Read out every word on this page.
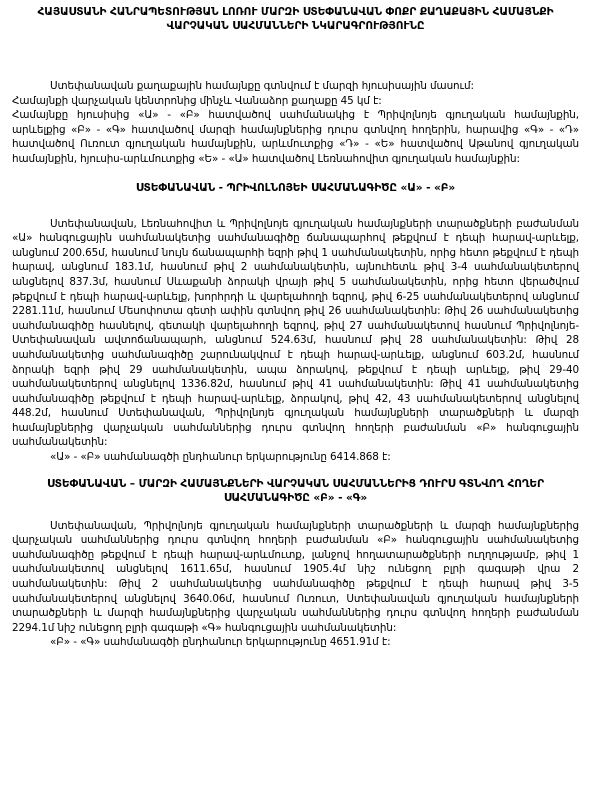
ՀԱՅԱՍՏԱՆԻ ՀԱՆՐԱՊԵՏՈՒԹՅԱՆ ԼՈՌՈՒ ՄԱՐԶԻ ՍՏԵՓԱՆԱՎԱՆ ՓՈՔՐ ՔԱՂԱՔԱՅԻՆ ՀԱՄԱՅՆՔԻ ՎԱՐՉԱԿԱՆ ՍԱՀՄԱՆՆԵՐԻ ՆԿԱՐԱԳՐՈՒԹՅՈՒՆԸ

Ստեփանավան քաղաքային համայնքը գտնվում է մարզի հյուսիսային մասում:

Համայնքի վարչական կենտրոնից մինչև Վանաձոր քաղաքը 45 կմ է:

Համայնքը հյուսիսից «Ա» - «Բ» հատվածով սահմանակից է Պրիվոլնոյե գյուղական համայնքին, արևելքից «Բ» - «Գ» հատվածով մարզի համայնքներից դուրս գտնվող հողերին, հարավից «Գ» - «Դ» հատվածով Ուռուտ գյուղական համայնքին, արևմուտքից «Դ» - «Ե» հատվածով Աթանով գյուղական համայնքին, հյուսիս-արևմուտքից «Ե» - «Ա» հատվածով Լեռնահովիտ գյուղական համայնքին:

ՍՏԵՓԱՆԱՎԱՆ - ՊՐԻՎՈԼՆՈՅԵԻ ՍԱՀՄԱՆԱԳԻԾԸ «Ա» - «Բ»

Ստեփանավան, Լեռնահովիտ և Պրիվոլնոյե գյուղական համայնքների տարածքների բաժանման «Ա» հանգուցային սահմանակետից սահմանագիծը ճանապարհով թեքվում է դեպի հարավ-արևելք, անցնում 200.65մ, հասնում նույն ճանապարհի եզրի թիվ 1 սահմանակետին, որից հետո թեքվում է դեպի հարավ, անցնում 183.1մ, հասնում թիվ 2 սահմանակետին, այնուհետև թիվ 3-4 սահմանակետերով անցնելով 837.3մ, հասնում Սևաքանի ձորակի վրայի թիվ 5 սահմանակետին, որից հետո վերածվում թեքվում է դեպի հարավ-արևելք, խորհրդի և վարելահողի եզրով, թիվ 6-25 սահմանակետերով անցնում 2281.11մ, հասնում Մեսոփոտա գետի ափին գտնվող թիվ 26 սահմանակետին: Թիվ 26 սահմանակետից սահմանագիծը հասնելով, գետակի վարելահողի եզրով, թիվ 27 սահմանակետով հասնում Պրիվոլնոյե-Ստեփանավան ավտոճանապարհ, անցնում 524.63մ, հասնում թիվ 28 սահմանակետին: Թիվ 28 սահմանակետից սահմանագիծը շարունակվում է դեպի հարավ-արևելք, անցնում 603.2մ, հասնում ձորակի եզրի թիվ 29 սահմանակետին, ապա ձորակով, թեքվում է դեպի արևելք, թիվ 29-40 սահմանակետերով անցնելով 1336.82մ, հասնում թիվ 41 սահմանակետին: Թիվ 41 սահմանակետից սահմանագիծը թեքվում է դեպի հարավ-արևելք, ձորակով, թիվ 42, 43 սահմանակետերով անցնելով 448.2մ, հասնում Ստեփանավան, Պրիվոլնոյե գյուղական համայնքների տարածքների և մարզի համայնքներից վարչական սահմաններից դուրս գտնվող հողերի բաժանման «Բ» հանգուցային սահմանակետին:

«Ա» - «Բ» սահմանագծի ընդհանուր երկարությունը 6414.868 է:

ՍՏԵՓԱՆԱՎԱՆ – ՄԱՐԶԻ ՀԱՄԱՅՆՔՆԵՐԻ ՎԱՐՉԱԿԱՆ ՍԱՀՄԱՆՆԵՐԻՑ ԴՈՒՐՍ ԳՏՆՎՈՂ ՀՈՂԵՐ ՍԱՀՄԱՆԱԳԻԾԸ «Բ» - «Գ»

Ստեփանավան, Պրիվոլնոյե գյուղական համայնքների տարածքների և մարզի համայնքներից վարչական սահմաններից դուրս գտնվող հողերի բաժանման «Բ» հանգուցային սահմանակետից սահմանագիծը թեքվում է դեպի հարավ-արևմուտք, լանջով հողատարածքների ուղղությամբ, թիվ 1 սահմանակետով անցնելով 1611.65մ, հասնում 1905.4մ նիշ ունեցող բլրի գագաթի վրա 2 սահմանակետին: Թիվ 2 սահմանակետից սահմանագիծը թեքվում է դեպի հարավ թիվ 3-5 սահմանակետերով անցնելով 3640.06մ, հասնում Ուռուտ, Ստեփանավան գյուղական համայնքների տարածքների և մարզի համայնքներից վարչական սահմաններից դուրս գտնվող հողերի բաժանման 2294.1մ նիշ ունեցող բլրի գագաթի «Գ» հանգուցային սահմանակետին:

«Բ» - «Գ» սահմանագծի ընդհանուր երկարությունը 4651.91մ է:
